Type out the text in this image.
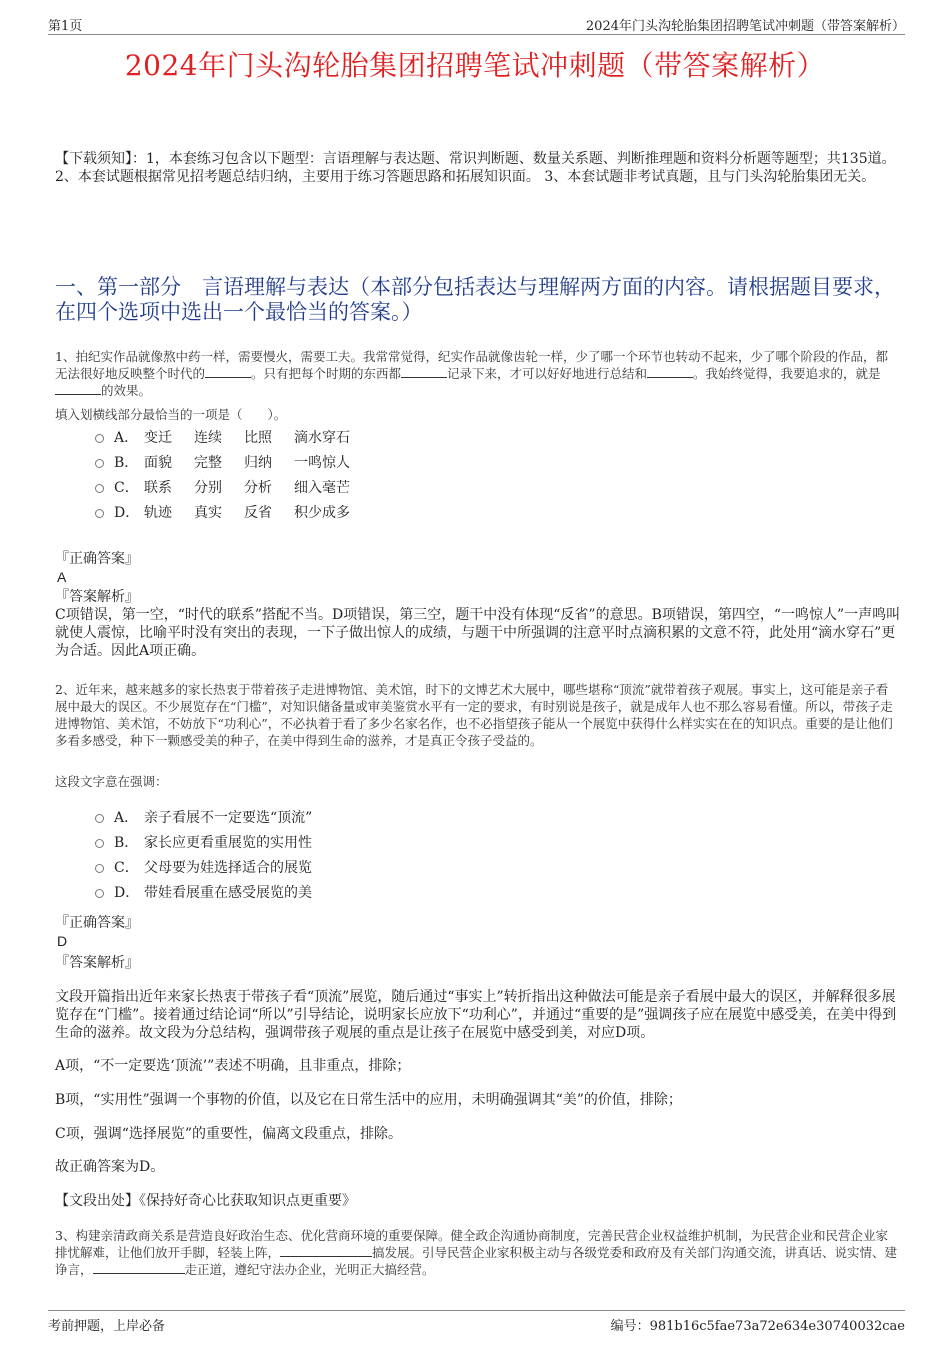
第1页	2024年门头沟轮胎集团招聘笔试冲刺题（带答案解析）
2024年门头沟轮胎集团招聘笔试冲刺题（带答案解析）
【下载须知】：1，本套练习包含以下题型：言语理解与表达题、常识判断题、数量关系题、判断推理题和资料分析题等题型；共135道。 2、本套试题根据常见招考题总结归纳，主要用于练习答题思路和拓展知识面。 3、本套试题非考试真题，且与门头沟轮胎集团无关。
一、第一部分　言语理解与表达（本部分包括表达与理解两方面的内容。请根据题目要求，在四个选项中选出一个最恰当的答案。）
1、拍纪实作品就像熬中药一样，需要慢火，需要工夫。我常常觉得，纪实作品就像齿轮一样，少了哪一个环节也转动不起来，少了哪个阶段的作品，都无法很好地反映整个时代的	。只有把每个时期的东西都	记录下来，才可以好好地进行总结和	。我始终觉得，我要追求的，就是的效果。
填入划横线部分最恰当的一项是（　　）。
A． 变迁 连续 比照 滴水穿石
B． 面貌 完整 归纳 一鸣惊人
C． 联系 分别 分析 细入毫芒
D． 轨迹 真实 反省 积少成多
『正确答案』
A
『答案解析』
C项错误，第一空，“时代的联系”搭配不当。D项错误，第三空，题干中没有体现“反省”的意思。B项错误，第四空，“一鸣惊人”一声鸣叫就使人震惊，比喻平时没有突出的表现，一下子做出惊人的成绩，与题干中所强调的注意平时点滴积累的文意不符，此处用“滴水穿石”更为合适。因此A项正确。
2、近年来，越来越多的家长热衷于带着孩子走进博物馆、美术馆，时下的文博艺术大展中，哪些堪称“顶流”就带着孩子观展。事实上，这可能是亲子看展中最大的误区。不少展览存在“门槛”，对知识储备量或审美鉴赏水平有一定的要求，有时别说是孩子，就是成年人也不那么容易看懂。所以，带孩子走进博物馆、美术馆，不妨放下“功利心”，不必执着于看了多少名家名作，也不必指望孩子能从一个展览中获得什么样实实在在的知识点。重要的是让他们多看多感受，种下一颗感受美的种子，在美中得到生命的滋养，才是真正令孩子受益的。
这段文字意在强调：
A． 亲子看展不一定要选“顶流”
B． 家长应更看重展览的实用性
C． 父母要为娃选择适合的展览
D． 带娃看展重在感受展览的美
『正确答案』
D
『答案解析』
文段开篇指出近年来家长热衷于带孩子看“顶流”展览，随后通过“事实上”转折指出这种做法可能是亲子看展中最大的误区，并解释很多展览存在“门槛”。接着通过结论词“所以”引导结论，说明家长应放下“功利心”，并通过“重要的是”强调孩子应在展览中感受美，在美中得到生命的滋养。故文段为分总结构，强调带孩子观展的重点是让孩子在展览中感受到美，对应D项。
A项，“不一定要选‘顶流’”表述不明确，且非重点，排除；
B项，“实用性”强调一个事物的价值，以及它在日常生活中的应用，未明确强调其“美”的价值，排除；
C项，强调“选择展览”的重要性，偏离文段重点，排除。
故正确答案为D。
【文段出处】《保持好奇心比获取知识点更重要》
3、构建亲清政商关系是营造良好政治生态、优化营商环境的重要保障。健全政企沟通协商制度，完善民营企业权益维护机制，为民营企业和民营企业家排忧解难，让他们放开手脚，轻装上阵，	搞发展。引导民营企业家积极主动与各级党委和政府及有关部门沟通交流，讲真话、说实情、建诤言，	走正道，遵纪守法办企业，光明正大搞经营。
考前押题，上岸必备	编号：981b16c5fae73a72e634e30740032cae
